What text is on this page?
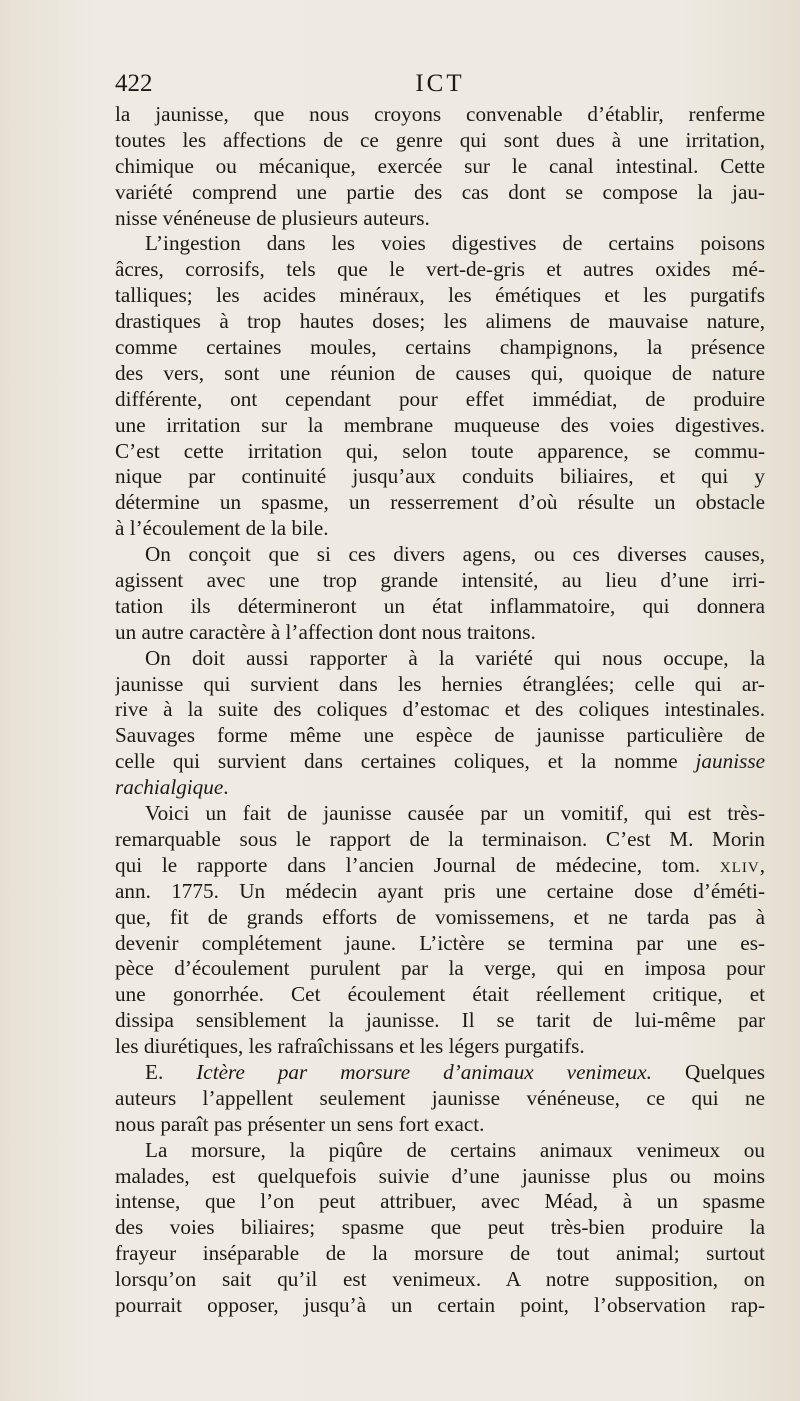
422	ICT
la jaunisse, que nous croyons convenable d’établir, renferme
toutes les affections de ce genre qui sont dues à une irritation,
chimique ou mécanique, exercée sur le canal intestinal. Cette
variété comprend une partie des cas dont se compose la jau-
nisse vénéneuse de plusieurs auteurs.
L’ingestion dans les voies digestives de certains poisons
âcres, corrosifs, tels que le vert-de-gris et autres oxides mé-
talliques; les acides minéraux, les émétiques et les purgatifs
drastiques à trop hautes doses; les alimens de mauvaise nature,
comme certaines moules, certains champignons, la présence
des vers, sont une réunion de causes qui, quoique de nature
différente, ont cependant pour effet immédiat, de produire
une irritation sur la membrane muqueuse des voies digestives.
C’est cette irritation qui, selon toute apparence, se commu-
nique par continuité jusqu’aux conduits biliaires, et qui y
détermine un spasme, un resserrement d’où résulte un obstacle
à l’écoulement de la bile.
On conçoit que si ces divers agens, ou ces diverses causes,
agissent avec une trop grande intensité, au lieu d’une irri-
tation ils détermineront un état inflammatoire, qui donnera
un autre caractère à l’affection dont nous traitons.
On doit aussi rapporter à la variété qui nous occupe, la
jaunisse qui survient dans les hernies étranglées; celle qui ar-
rive à la suite des coliques d’estomac et des coliques intestinales.
Sauvages forme même une espèce de jaunisse particulière de
celle qui survient dans certaines coliques, et la nomme jaunisse
rachialgique.
Voici un fait de jaunisse causée par un vomitif, qui est très-
remarquable sous le rapport de la terminaison. C’est M. Morin
qui le rapporte dans l’ancien Journal de médecine, tom. xliv,
ann. 1775. Un médecin ayant pris une certaine dose d’éméti-
que, fit de grands efforts de vomissemens, et ne tarda pas à
devenir complétement jaune. L’ictère se termina par une es-
pèce d’écoulement purulent par la verge, qui en imposa pour
une gonorrhée. Cet écoulement était réellement critique, et
dissipa sensiblement la jaunisse. Il se tarit de lui-même par
les diurétiques, les rafraîchissans et les légers purgatifs.
E. Ictère par morsure d’animaux venimeux. Quelques
auteurs l’appellent seulement jaunisse vénéneuse, ce qui ne
nous paraît pas présenter un sens fort exact.
La morsure, la piqûre de certains animaux venimeux ou
malades, est quelquefois suivie d’une jaunisse plus ou moins
intense, que l’on peut attribuer, avec Méad, à un spasme
des voies biliaires; spasme que peut très-bien produire la
frayeur inséparable de la morsure de tout animal; surtout
lorsqu’on sait qu’il est venimeux. A notre supposition, on
pourrait opposer, jusqu’à un certain point, l’observation rap-
